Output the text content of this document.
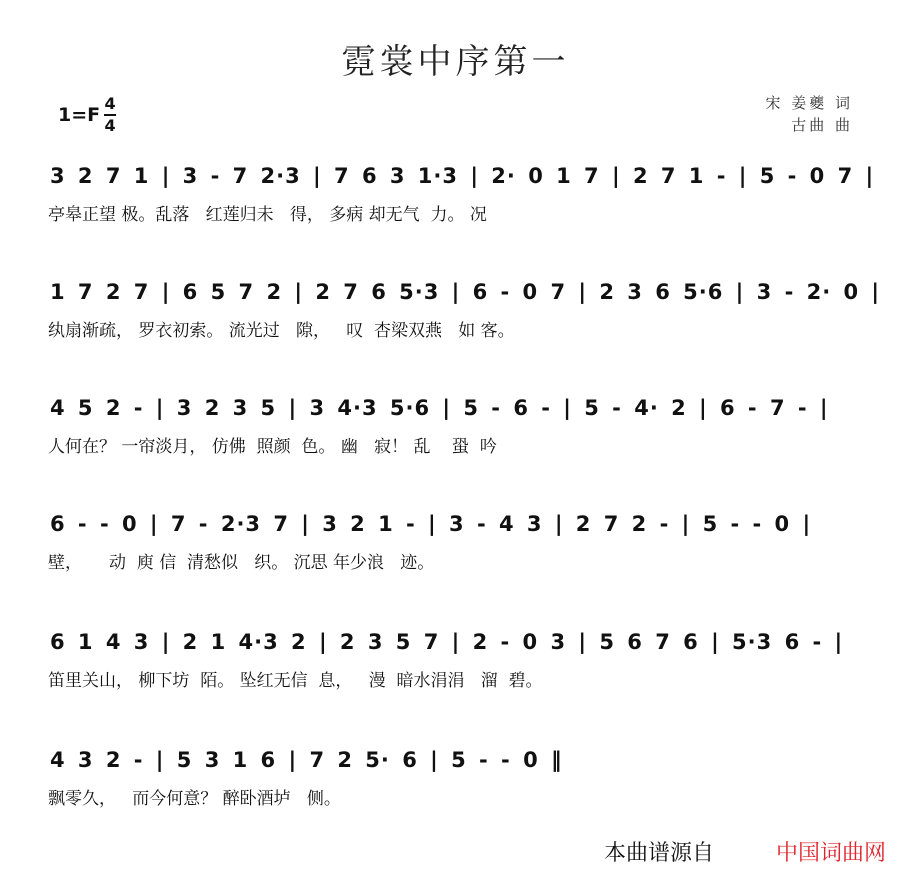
霓裳中序第一
$1=F \frac{4}{4}$	宋 姜夔 词
古曲 曲
3 2 7 1 | 3 - 7 2·3 | 7 6 3 1·3 | 2· 0 1 7 | 2 7 1 - | 5 - 0 7 |
亭皋正望 极。乱落   红莲归未   得， 多病 却无气  力。 况
1 7 2 7 | 6 5 7 2 | 2 7 6 5·3 | 6 - 0 7 | 2 3 6 5·6 | 3 - 2· 0 |
纨扇渐疏， 罗衣初索。 流光过   隙，   叹  杏梁双燕   如 客。
4 5 2 - | 3 2 3 5 | 3 4·3 5·6 | 5 - 6 - | 5 - 4· 2 | 6 - 7 - |
人何在？ 一帘淡月， 仿佛  照颜  色。 幽   寂！ 乱    蛩  吟
6 - - 0 | 7 - 2·3 7 | 3 2 1 - | 3 - 4 3 | 2 7 2 - | 5 - - 0 |
壁，     动  庾 信  清愁似   织。 沉思 年少浪   迹。
6 1 4 3 | 2 1 4·3 2 | 2 3 5 7 | 2 - 0 3 | 5 6 7 6 | 5·3 6 - |
笛里关山， 柳下坊  陌。 坠红无信  息，   漫  暗水涓涓   溜  碧。
4 3 2 - | 5 3 1 6 | 7 2 5· 6 | 5 - - 0 ‖
飘零久，   而今何意？ 醉卧酒垆   侧。
本曲谱源自	中国词曲网
